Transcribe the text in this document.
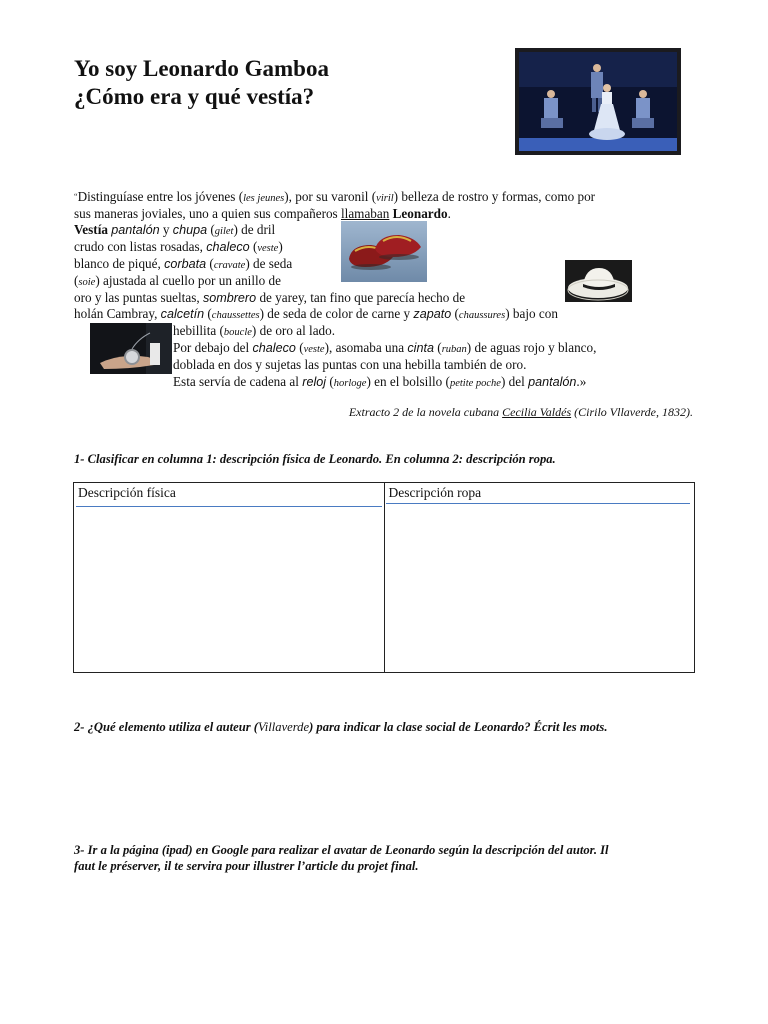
Yo soy Leonardo Gamboa
¿Cómo era y qué vestía?
“Distinguíase entre los jóvenes (les jeunes), por su varonil (viril) belleza de rostro y formas, como por
sus maneras joviales, uno a quien sus compañeros llamaban Leonardo.
Vestía pantalón y chupa (gilet) de dril
crudo con listas rosadas, chaleco (veste)
blanco de piqué, corbata (cravate) de seda
(soie) ajustada al cuello por un anillo de
oro y las puntas sueltas, sombrero de yarey, tan fino que parecía hecho de
holán Cambray, calcetín (chaussettes) de seda de color de carne y zapato (chaussures) bajo con
hebillita (boucle) de oro al lado.
Por debajo del chaleco (veste), asomaba una cinta (ruban) de aguas rojo y blanco,
doblada en dos y sujetas las puntas con una hebilla también de oro.
Esta servía de cadena al reloj (horloge) en el bolsillo (petite poche) del pantalón.»
Extracto 2 de la novela cubana Cecilia Valdés (Cirilo Vllaverde, 1832).
1- Clasificar en columna 1: descripción física de Leonardo. En columna 2: descripción ropa.
Descripción física	Descripción ropa
2- ¿Qué elemento utiliza el auteur (Villaverde) para indicar la clase social de Leonardo? Écrit les mots.
3- Ir a la página (ipad) en Google para realizar el avatar de Leonardo según la descripción del autor. Il
faut le préserver, il te servira pour illustrer l’article du projet final.
